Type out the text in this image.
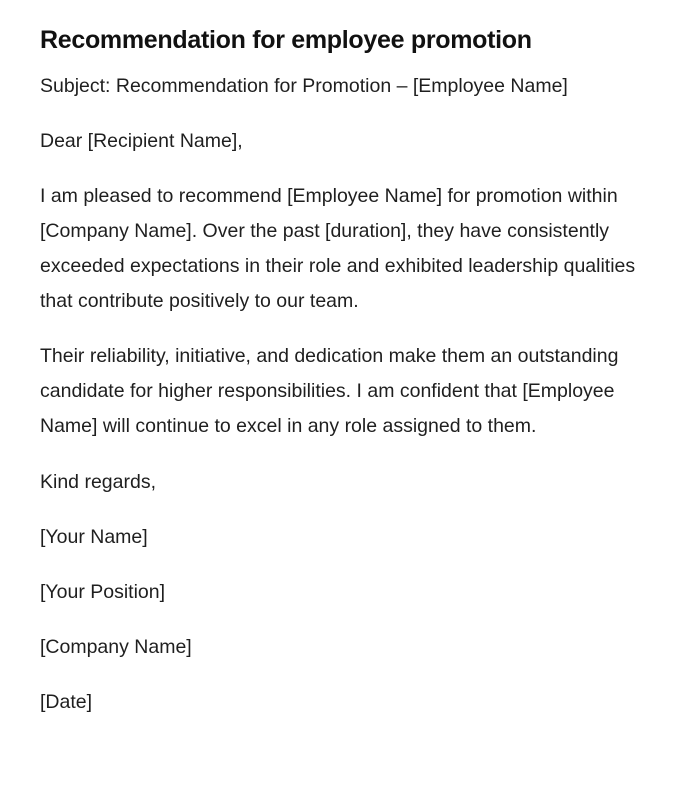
Recommendation for employee promotion

Subject: Recommendation for Promotion – [Employee Name]

Dear [Recipient Name],

I am pleased to recommend [Employee Name] for promotion within [Company Name]. Over the past [duration], they have consistently exceeded expectations in their role and exhibited leadership qualities that contribute positively to our team.

Their reliability, initiative, and dedication make them an outstanding candidate for higher responsibilities. I am confident that [Employee Name] will continue to excel in any role assigned to them.

Kind regards,

[Your Name]

[Your Position]

[Company Name]

[Date]
